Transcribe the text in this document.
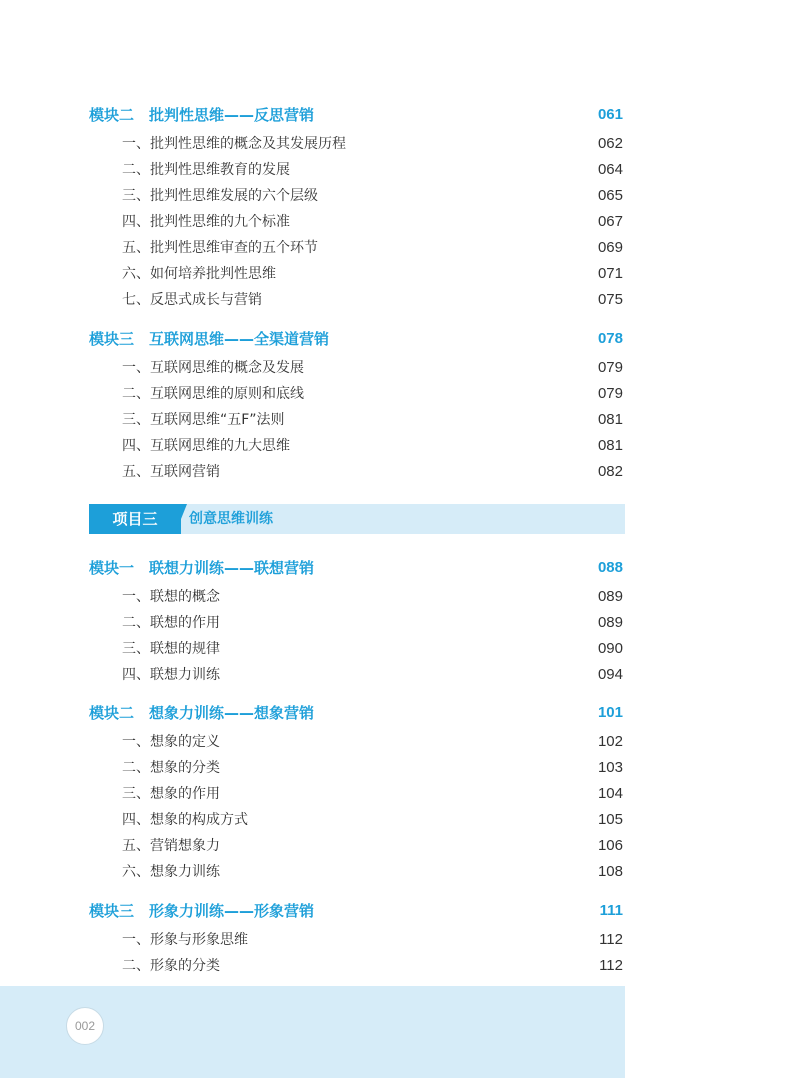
模块二　批判性思维——反思营销	061
一、批判性思维的概念及其发展历程	062
二、批判性思维教育的发展	064
三、批判性思维发展的六个层级	065
四、批判性思维的九个标准	067
五、批判性思维审查的五个环节	069
六、如何培养批判性思维	071
七、反思式成长与营销	075
模块三　互联网思维——全渠道营销	078
一、互联网思维的概念及发展	079
二、互联网思维的原则和底线	079
三、互联网思维“五F”法则	081
四、互联网思维的九大思维	081
五、互联网营销	082
项目三	创意思维训练
模块一　联想力训练——联想营销	088
一、联想的概念	089
二、联想的作用	089
三、联想的规律	090
四、联想力训练	094
模块二　想象力训练——想象营销	101
一、想象的定义	102
二、想象的分类	103
三、想象的作用	104
四、想象的构成方式	105
五、营销想象力	106
六、想象力训练	108
模块三　形象力训练——形象营销	111
一、形象与形象思维	112
二、形象的分类	112
002
